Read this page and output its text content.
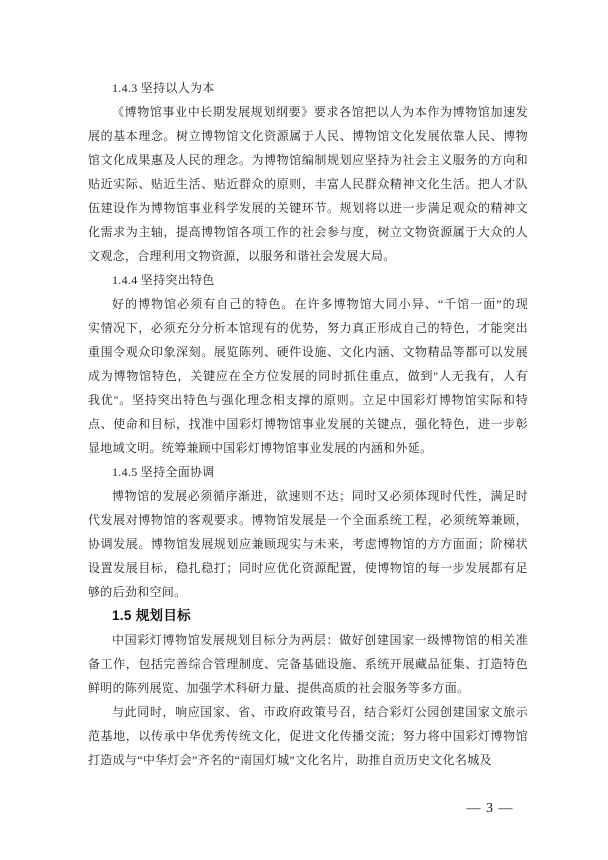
1.4.3 坚持以人为本
《博物馆事业中长期发展规划纲要》要求各馆把以人为本作为博物馆加速发
展的基本理念。树立博物馆文化资源属于人民、博物馆文化发展依靠人民、博物
馆文化成果惠及人民的理念。为博物馆编制规划应坚持为社会主义服务的方向和
贴近实际、贴近生活、贴近群众的原则，丰富人民群众精神文化生活。把人才队
伍建设作为博物馆事业科学发展的关键环节。规划将以进一步满足观众的精神文
化需求为主轴，提高博物馆各项工作的社会参与度，树立文物资源属于大众的人
文观念，合理利用文物资源，以服务和谐社会发展大局。
1.4.4 坚持突出特色
好的博物馆必须有自己的特色。在许多博物馆大同小异、“千馆一面”的现
实情况下，必须充分分析本馆现有的优势，努力真正形成自己的特色，才能突出
重围令观众印象深刻。展览陈列、硬件设施、文化内涵、文物精品等都可以发展
成为博物馆特色，关键应在全方位发展的同时抓住重点，做到"人无我有，人有
我优"。坚持突出特色与强化理念相支撑的原则。立足中国彩灯博物馆实际和特
点、使命和目标，找准中国彩灯博物馆事业发展的关键点，强化特色，进一步彰
显地域文明。统筹兼顾中国彩灯博物馆事业发展的内涵和外延。
1.4.5 坚持全面协调
博物馆的发展必须循序渐进，欲速则不达；同时又必须体现时代性，满足时
代发展对博物馆的客观要求。博物馆发展是一个全面系统工程，必须统筹兼顾，
协调发展。博物馆发展规划应兼顾现实与未来，考虑博物馆的方方面面；阶梯状
设置发展目标，稳扎稳打；同时应优化资源配置，使博物馆的每一步发展都有足
够的后劲和空间。
1.5 规划目标
中国彩灯博物馆发展规划目标分为两层：做好创建国家一级博物馆的相关准
备工作，包括完善综合管理制度、完备基础设施、系统开展藏品征集、打造特色
鲜明的陈列展览、加强学术科研力量、提供高质的社会服务等多方面。
与此同时，响应国家、省、市政府政策号召，结合彩灯公园创建国家文旅示
范基地，以传承中华优秀传统文化，促进文化传播交流；努力将中国彩灯博物馆
打造成与“中华灯会”齐名的“南国灯城”文化名片，助推自贡历史文化名城及
— 3 —
